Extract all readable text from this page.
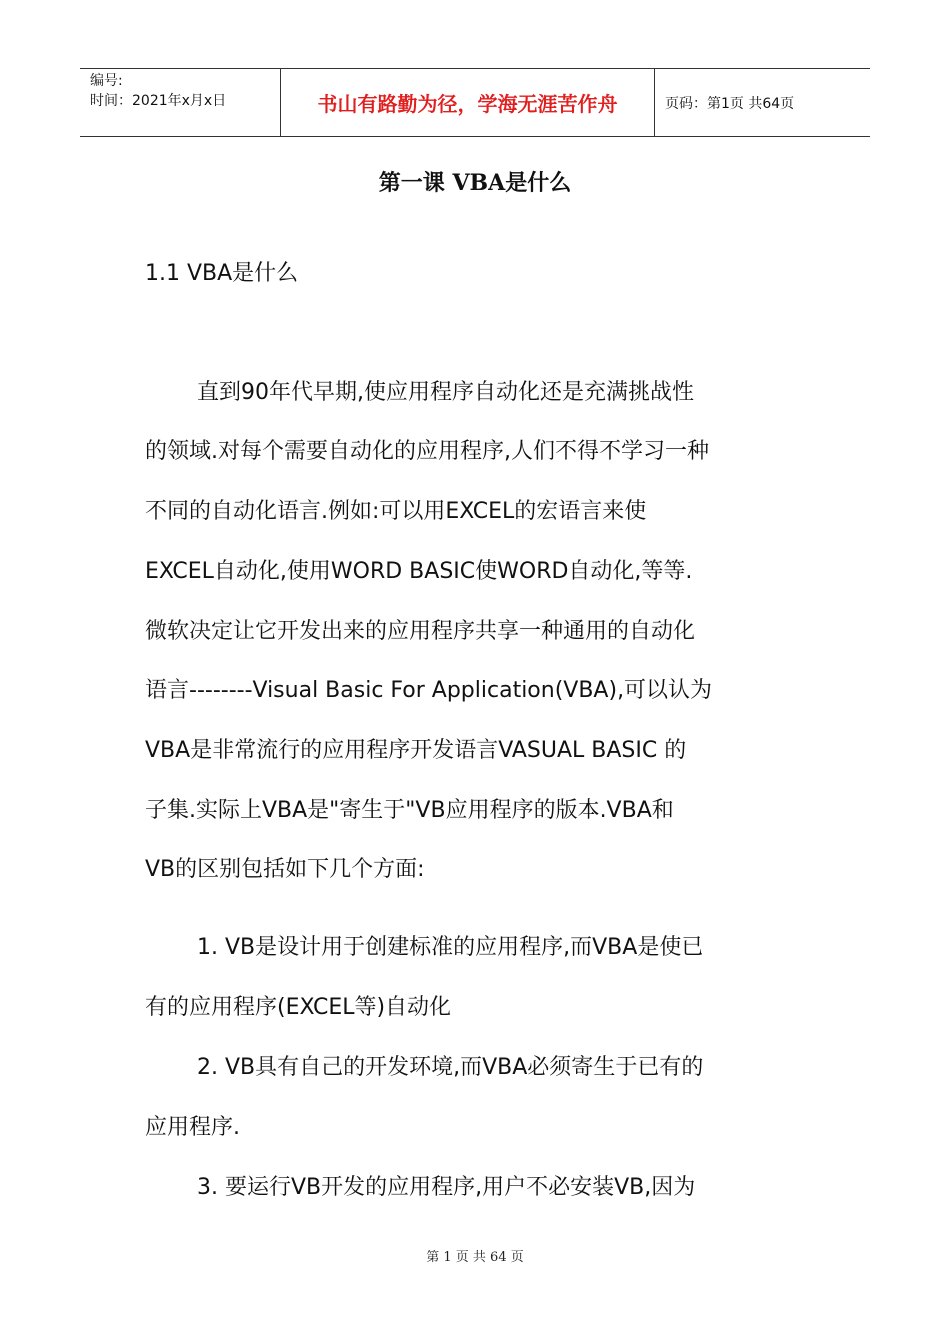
编号:
时间：2021年x月x日	书山有路勤为径，学海无涯苦作舟	页码：第1页 共64页
第一课 VBA是什么
1.1 VBA是什么
直到90年代早期,使应用程序自动化还是充满挑战性
的领域.对每个需要自动化的应用程序,人们不得不学习一种
不同的自动化语言.例如:可以用EXCEL的宏语言来使
EXCEL自动化,使用WORD BASIC使WORD自动化,等等.
微软决定让它开发出来的应用程序共享一种通用的自动化
语言--------Visual Basic For Application(VBA),可以认为
VBA是非常流行的应用程序开发语言VASUAL BASIC 的
子集.实际上VBA是"寄生于"VB应用程序的版本.VBA和
VB的区别包括如下几个方面:
1. VB是设计用于创建标准的应用程序,而VBA是使已
有的应用程序(EXCEL等)自动化
2. VB具有自己的开发环境,而VBA必须寄生于已有的
应用程序.
3. 要运行VB开发的应用程序,用户不必安装VB,因为
第 1 页 共 64 页
